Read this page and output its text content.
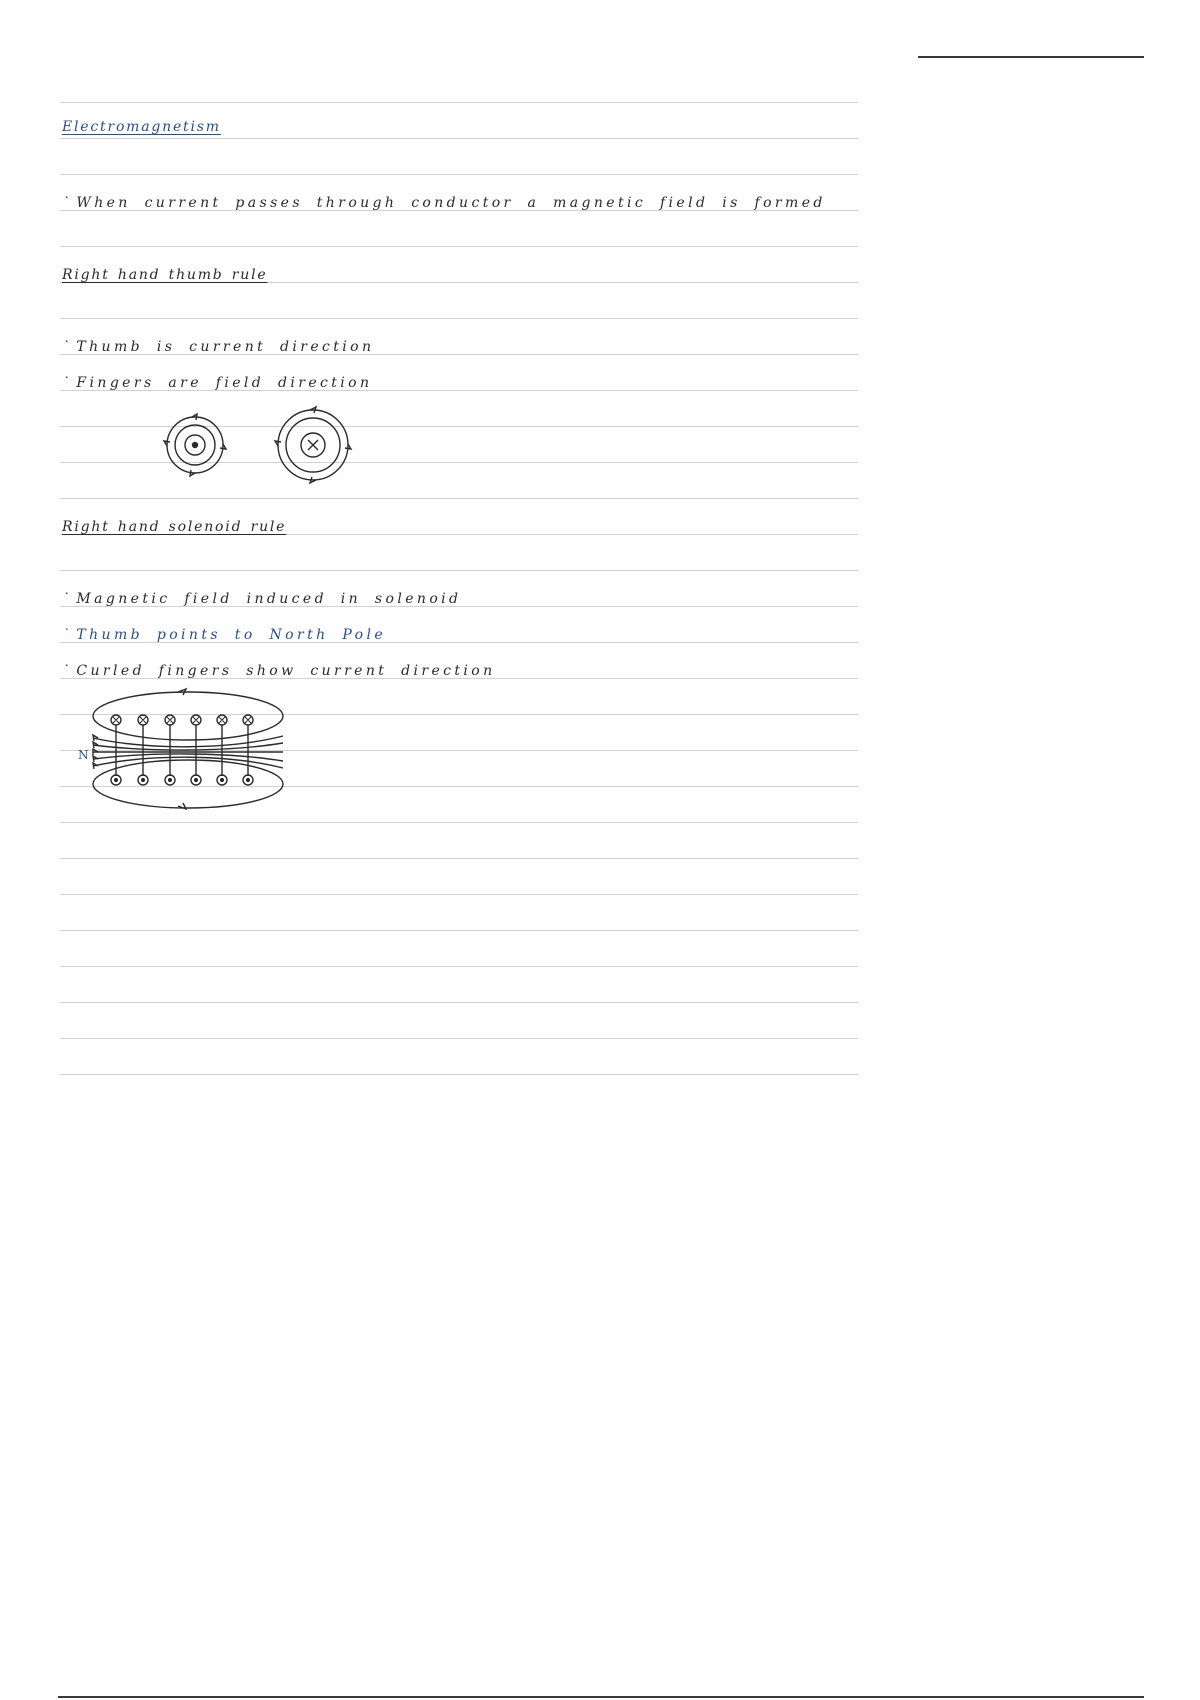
Electromagnetism
˙ When current passes through conductor a magnetic field is formed
Right hand thumb rule
˙ Thumb is current direction
˙ Fingers are field direction
Right hand solenoid rule
˙ Magnetic field induced in solenoid
˙ Thumb points to North Pole
˙ Curled fingers show current direction
N
